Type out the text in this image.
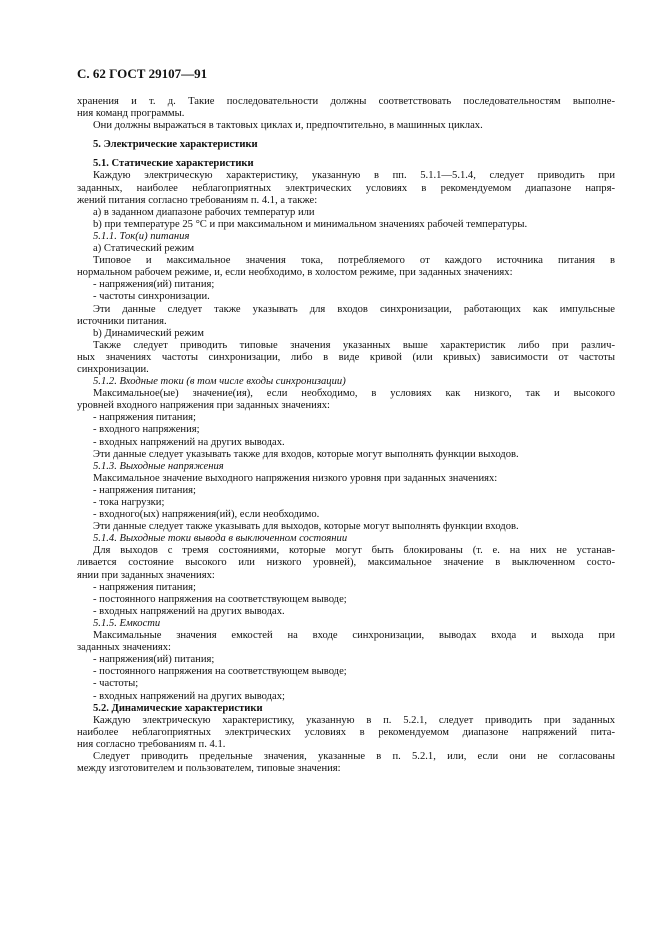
С. 62 ГОСТ 29107—91

хранения и т. д. Такие последовательности должны соответствовать последовательностям выполне-

ния команд программы.

Они должны выражаться в тактовых циклах и, предпочтительно, в машинных циклах.

5. Электрические характеристики

5.1. Статические характеристики

Каждую электрическую характеристику, указанную в пп. 5.1.1—5.1.4, следует приводить при

заданных, наиболее неблагоприятных электрических условиях в рекомендуемом диапазоне напря-

жений питания согласно требованиям п. 4.1, а также:

a) в заданном диапазоне рабочих температур или

b) при температуре 25 °С и при максимальном и минимальном значениях рабочей температуры.

5.1.1. Ток(и) питания

a) Статический режим

Типовое и максимальное значения тока, потребляемого от каждого источника питания в

нормальном рабочем режиме, и, если необходимо, в холостом режиме, при заданных значениях:

- напряжения(ий) питания;

- частоты синхронизации.

Эти данные следует также указывать для входов синхронизации, работающих как импульсные

источники питания.

b) Динамический режим

Также следует приводить типовые значения указанных выше характеристик либо при различ-

ных значениях частоты синхронизации, либо в виде кривой (или кривых) зависимости от частоты

синхронизации.

5.1.2. Входные токи (в том числе входы синхронизации)

Максимальное(ые) значение(ия), если необходимо, в условиях как низкого, так и высокого

уровней входного напряжения при заданных значениях:

- напряжения питания;

- входного напряжения;

- входных напряжений на других выводах.

Эти данные следует указывать также для входов, которые могут выполнять функции выходов.

5.1.3. Выходные напряжения

Максимальное значение выходного напряжения низкого уровня при заданных значениях:

- напряжения питания;

- тока нагрузки;

- входного(ых) напряжения(ий), если необходимо.

Эти данные следует также указывать для выходов, которые могут выполнять функции входов.

5.1.4. Выходные токи вывода в выключенном состоянии

Для выходов с тремя состояниями, которые могут быть блокированы (т. е. на них не устанав-

ливается состояние высокого или низкого уровней), максимальное значение в выключенном состо-

янии при заданных значениях:

- напряжения питания;

- постоянного напряжения на соответствующем выводе;

- входных напряжений на других выводах.

5.1.5. Емкости

Максимальные значения емкостей на входе синхронизации, выводах входа и выхода при

заданных значениях:

- напряжения(ий) питания;

- постоянного напряжения на соответствующем выводе;

- частоты;

- входных напряжений на других выводах;

5.2. Динамические характеристики

Каждую электрическую характеристику, указанную в п. 5.2.1, следует приводить при заданных

наиболее неблагоприятных электрических условиях в рекомендуемом диапазоне напряжений пита-

ния согласно требованиям п. 4.1.

Следует приводить предельные значения, указанные в п. 5.2.1, или, если они не согласованы

между изготовителем и пользователем, типовые значения:
